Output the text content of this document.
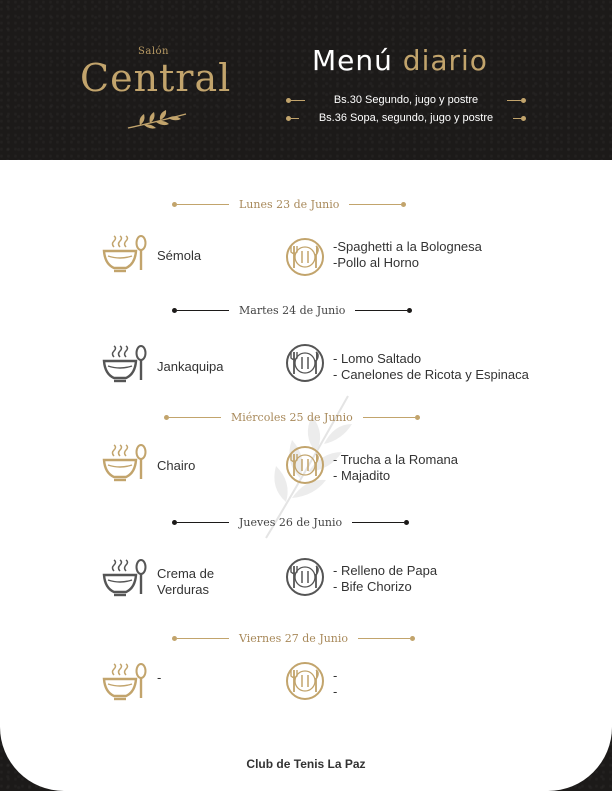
Salón
Central	Menú diario
Bs.30 Segundo, jugo y postre
Bs.36 Sopa, segundo, jugo y postre
Lunes 23 de Junio
Sémola
-Spaghetti a la Bolognesa
-Pollo al Horno
Martes 24 de Junio
Jankaquipa
- Lomo Saltado
- Canelones de Ricota y Espinaca
Miércoles 25 de Junio
Chairo	- Trucha a la Romana
- Majadito
Jueves 26 de Junio
Crema de
Verduras
- Relleno de Papa
- Bife Chorizo
Viernes 27 de Junio
-	-
-
Club de Tenis La Paz
